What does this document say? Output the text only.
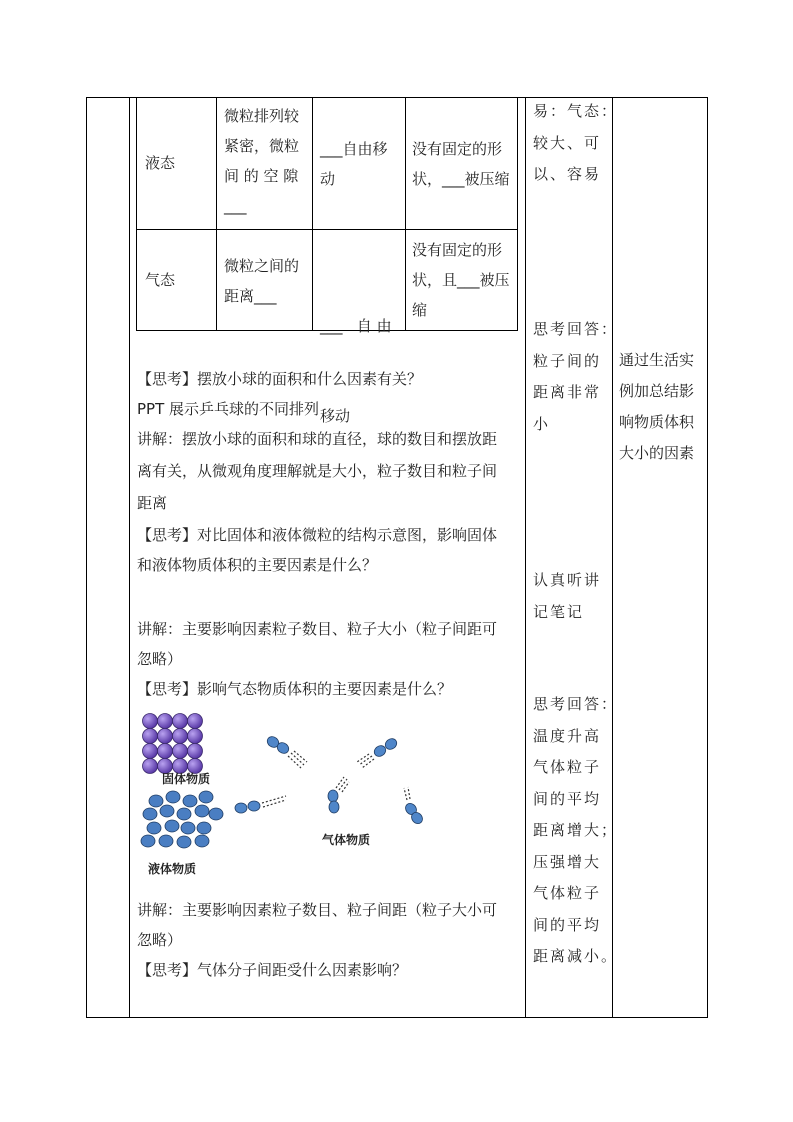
液态
微粒排列较
紧密，微粒
间 的 空 隙
___
___自由移
动
没有固定的形
状，___被压缩
气态
微粒之间的
距离___

___   自 由

移动

没有固定的形
状，且___被压
缩
【思考】摆放小球的面积和什么因素有关？
PPT 展示乒乓球的不同排列
讲解：摆放小球的面积和球的直径，球的数目和摆放距
离有关，从微观角度理解就是大小，粒子数目和粒子间
距离
【思考】对比固体和液体微粒的结构示意图，影响固体
和液体物质体积的主要因素是什么？
讲解：主要影响因素粒子数目、粒子大小（粒子间距可
忽略）
【思考】影响气态物质体积的主要因素是什么？
固体物质
液体物质
气体物质
讲解：主要影响因素粒子数目、粒子间距（粒子大小可
忽略）
【思考】气体分子间距受什么因素影响？
易：气态：
较大、可
以、容易
思考回答：
粒子间的
距离非常
小
认真听讲
记笔记
思考回答：
温度升高
气体粒子
间的平均
距离增大；
压强增大
气体粒子
间的平均
距离减小。
通过生活实
例加总结影
响物质体积
大小的因素
